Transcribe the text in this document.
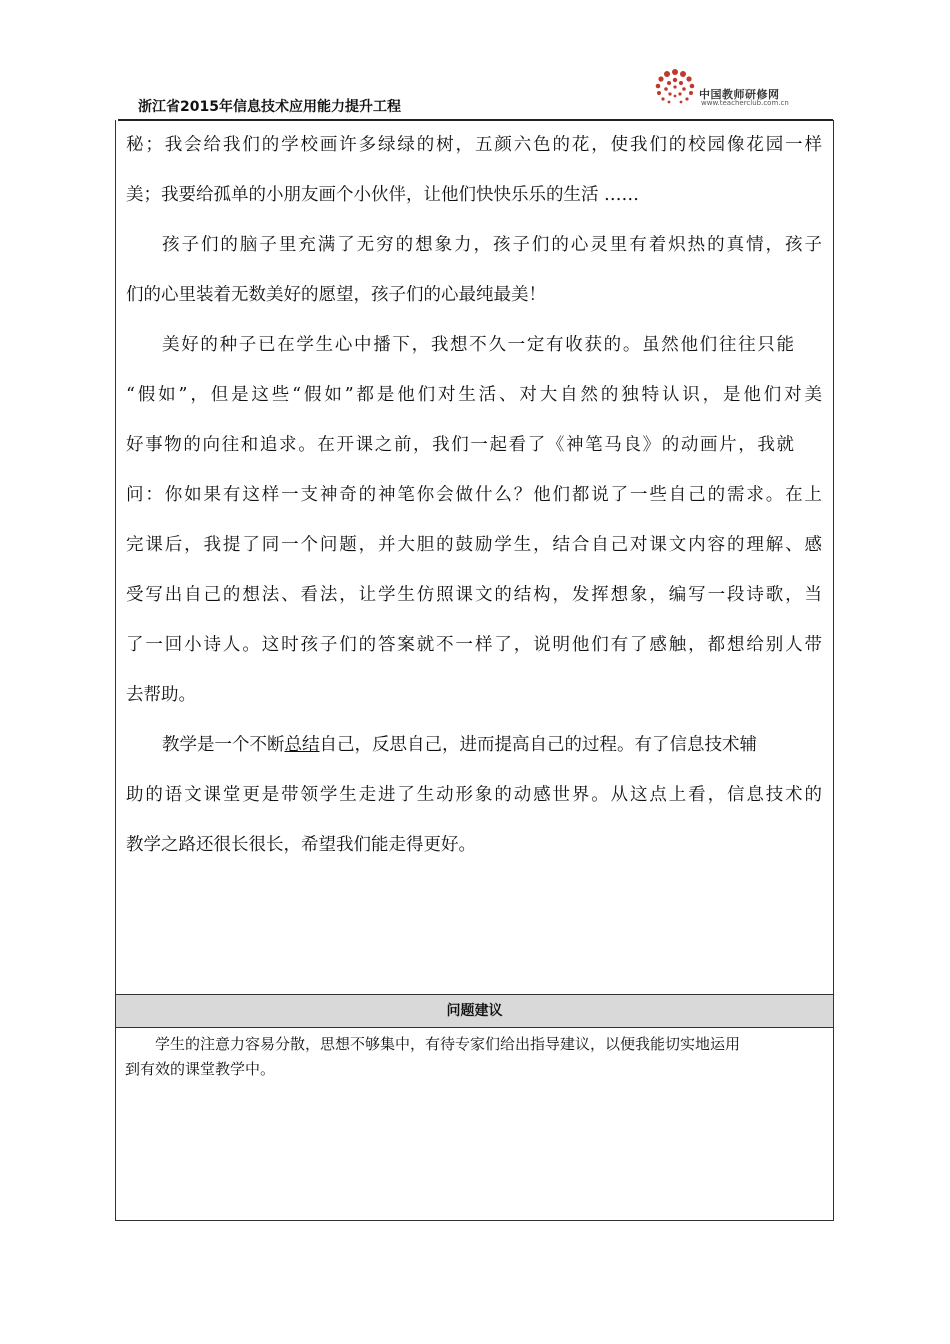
浙江省2015年信息技术应用能力提升工程
中国教师研修网
www.teacherclub.com.cn
秘；我会给我们的学校画许多绿绿的树，五颜六色的花，使我们的校园像花园一样
美；我要给孤单的小朋友画个小伙伴，让他们快快乐乐的生活 ……
孩子们的脑子里充满了无穷的想象力，孩子们的心灵里有着炽热的真情，孩子
们的心里装着无数美好的愿望，孩子们的心最纯最美！
美好的种子已在学生心中播下，我想不久一定有收获的。虽然他们往往只能
“假如”，但是这些“假如”都是他们对生活、对大自然的独特认识，是他们对美
好事物的向往和追求。在开课之前，我们一起看了《神笔马良》的动画片，我就
问：你如果有这样一支神奇的神笔你会做什么？他们都说了一些自己的需求。在上
完课后，我提了同一个问题，并大胆的鼓励学生，结合自己对课文内容的理解、感
受写出自己的想法、看法，让学生仿照课文的结构，发挥想象，编写一段诗歌，当
了一回小诗人。这时孩子们的答案就不一样了，说明他们有了感触，都想给别人带
去帮助。
教学是一个不断总结自己，反思自己，进而提高自己的过程。有了信息技术辅
助的语文课堂更是带领学生走进了生动形象的动感世界。从这点上看，信息技术的
教学之路还很长很长，希望我们能走得更好。
问题建议
学生的注意力容易分散，思想不够集中，有待专家们给出指导建议，以便我能切实地运用
到有效的课堂教学中。
